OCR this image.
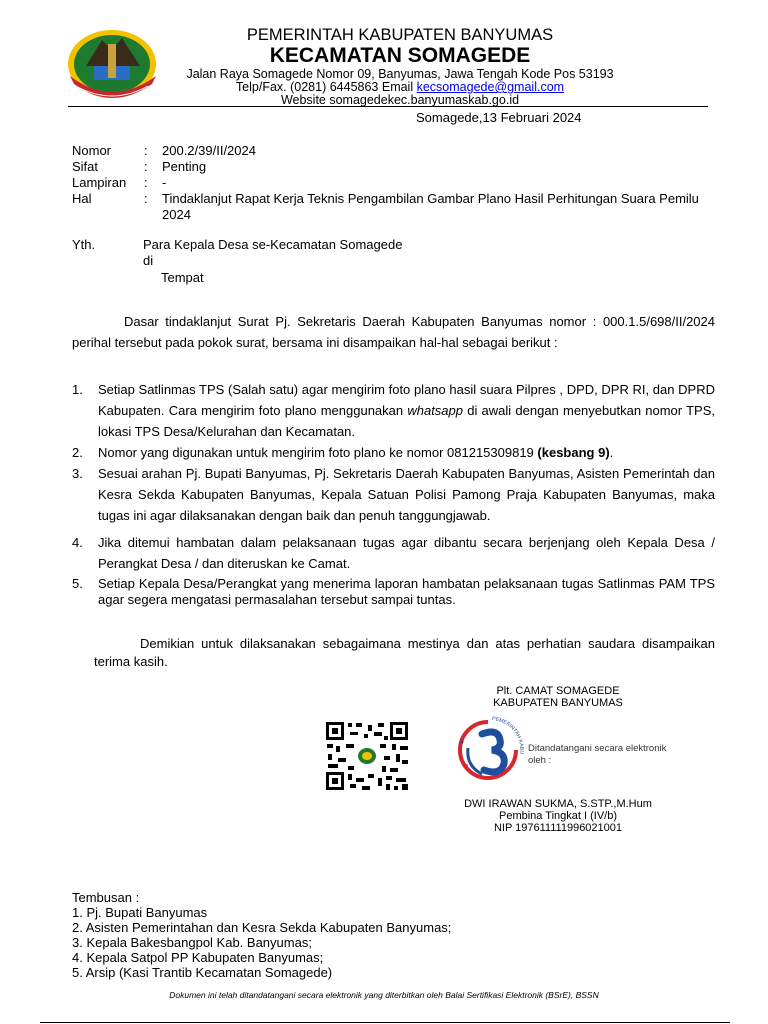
PEMERINTAH KABUPATEN BANYUMAS
KECAMATAN SOMAGEDE
Jalan Raya Somagede Nomor 09, Banyumas, Jawa Tengah Kode Pos 53193
Telp/Fax. (0281) 6445863 Email kecsomagede@gmail.com
Website somagedekec.banyumaskab.go.id
Somagede,13 Februari 2024
Nomor	: 200.2/39/II/2024
Sifat	: Penting
Lampiran : -
Hal	: Tindaklanjut Rapat Kerja Teknis Pengambilan Gambar Plano Hasil Perhitungan Suara Pemilu 2024
Yth.	Para Kepala Desa se-Kecamatan Somagede
di
Tempat
Dasar tindaklanjut Surat Pj. Sekretaris Daerah Kabupaten Banyumas nomor : 000.1.5/698/II/2024 perihal tersebut pada pokok surat, bersama ini disampaikan hal-hal sebagai berikut :
1. Setiap Satlinmas TPS (Salah satu) agar mengirim foto plano hasil suara Pilpres , DPD, DPR RI, dan DPRD Kabupaten. Cara mengirim foto plano menggunakan whatsapp di awali dengan menyebutkan nomor TPS, lokasi TPS Desa/Kelurahan dan Kecamatan.
2. Nomor yang digunakan untuk mengirim foto plano ke nomor 081215309819 (kesbang 9).
3. Sesuai arahan Pj. Bupati Banyumas, Pj. Sekretaris Daerah Kabupaten Banyumas, Asisten Pemerintah dan Kesra Sekda Kabupaten Banyumas, Kepala Satuan Polisi Pamong Praja Kabupaten Banyumas, maka tugas ini agar dilaksanakan dengan baik dan penuh tanggungjawab.
4. Jika ditemui hambatan dalam pelaksanaan tugas agar dibantu secara berjenjang oleh Kepala Desa / Perangkat Desa / dan diteruskan ke Camat.
5. Setiap Kepala Desa/Perangkat yang menerima laporan hambatan pelaksanaan tugas Satlinmas PAM TPS agar segera mengatasi permasalahan tersebut sampai tuntas.
Demikian untuk dilaksanakan sebagaimana mestinya dan atas perhatian saudara disampaikan terima kasih.
Plt. CAMAT SOMAGEDE
KABUPATEN BANYUMAS
PEMERINTAH KABU Ditandatangani secara elektronik oleh :
DWI IRAWAN SUKMA, S.STP.,M.Hum
Pembina Tingkat I (IV/b)
NIP 197611111996021001
Tembusan :
1. Pj. Bupati Banyumas
2. Asisten Pemerintahan dan Kesra Sekda Kabupaten Banyumas;
3. Kepala Bakesbangpol Kab. Banyumas;
4. Kepala Satpol PP Kabupaten Banyumas;
5. Arsip (Kasi Trantib Kecamatan Somagede)
Dokumen ini telah ditandatangani secara elektronik yang diterbitkan oleh Balai Sertifikasi Elektronik (BSrE), BSSN
